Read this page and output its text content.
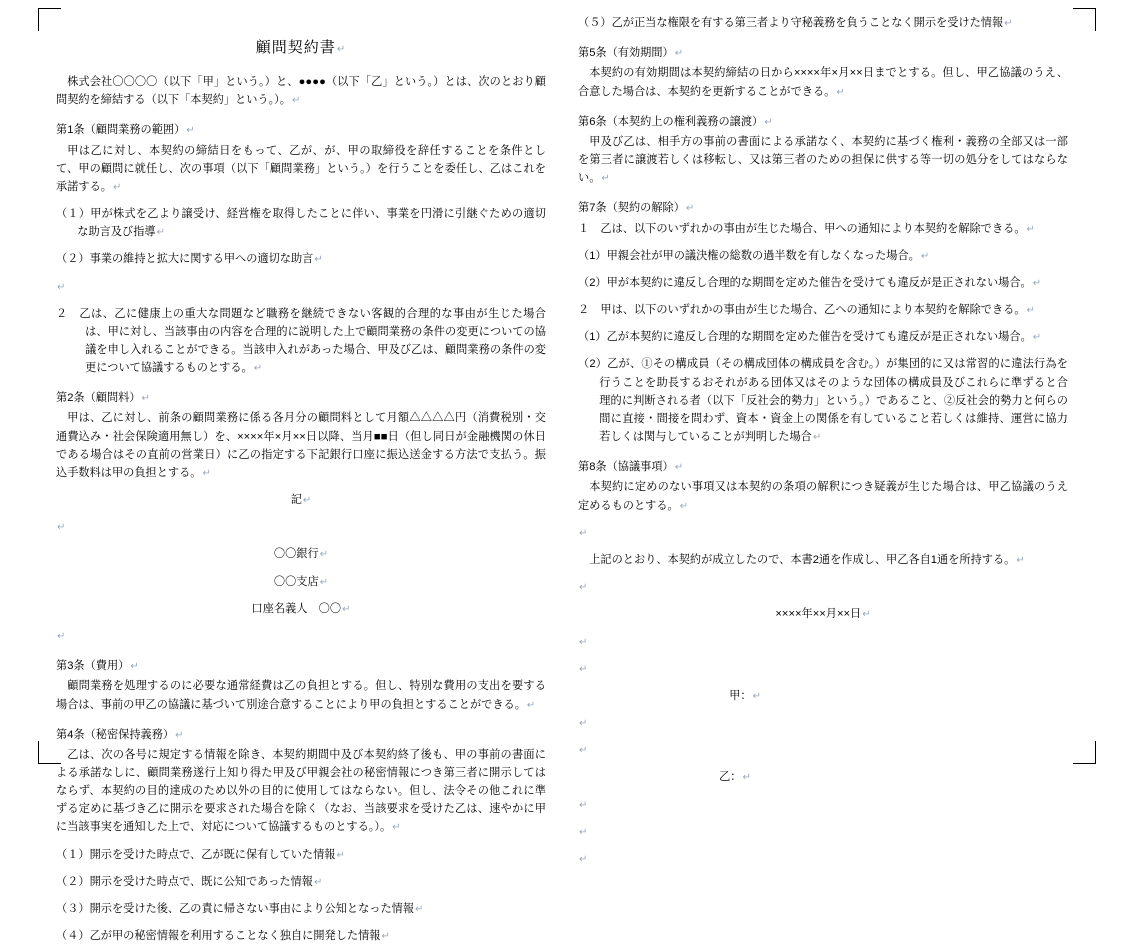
顧問契約書↵

株式会社〇〇〇〇（以下「甲」という。）と、●●●●（以下「乙」という。）とは、次のとおり顧問契約を締結する（以下「本契約」という。）。↵

第1条（顧問業務の範囲）↵

甲は乙に対し、本契約の締結日をもって、乙が、が、甲の取締役を辞任することを条件として、甲の顧問に就任し、次の事項（以下「顧問業務」という。）を行うことを委任し、乙はこれを承諾する。↵

（１）甲が株式を乙より譲受け、経営権を取得したことに伴い、事業を円滑に引継ぐための適切な助言及び指導↵

（２）事業の維持と拡大に関する甲への適切な助言↵

↵

２　乙は、乙に健康上の重大な問題など職務を継続できない客観的合理的な事由が生じた場合は、甲に対し、当該事由の内容を合理的に説明した上で顧問業務の条件の変更についての協議を申し入れることができる。当該申入れがあった場合、甲及び乙は、顧問業務の条件の変更について協議するものとする。↵

第2条（顧問料）↵

甲は、乙に対し、前条の顧問業務に係る各月分の顧問料として月額△△△△円（消費税別・交通費込み・社会保険適用無し）を、××××年×月××日以降、当月■■日（但し同日が金融機関の休日である場合はその直前の営業日）に乙の指定する下記銀行口座に振込送金する方法で支払う。振込手数料は甲の負担とする。↵

記↵

↵

〇〇銀行↵

〇〇支店↵

口座名義人　〇〇↵

↵

第3条（費用）↵

顧問業務を処理するのに必要な通常経費は乙の負担とする。但し、特別な費用の支出を要する場合は、事前の甲乙の協議に基づいて別途合意することにより甲の負担とすることができる。↵

第4条（秘密保持義務）↵

乙は、次の各号に規定する情報を除き、本契約期間中及び本契約終了後も、甲の事前の書面による承諾なしに、顧問業務遂行上知り得た甲及び甲親会社の秘密情報につき第三者に開示してはならず、本契約の目的達成のため以外の目的に使用してはならない。但し、法令その他これに準ずる定めに基づき乙に開示を要求された場合を除く（なお、当該要求を受けた乙は、速やかに甲に当該事実を通知した上で、対応について協議するものとする。）。↵

（１）開示を受けた時点で、乙が既に保有していた情報↵

（２）開示を受けた時点で、既に公知であった情報↵

（３）開示を受けた後、乙の責に帰さない事由により公知となった情報↵

（４）乙が甲の秘密情報を利用することなく独自に開発した情報↵

（５）乙が正当な権限を有する第三者より守秘義務を負うことなく開示を受けた情報↵

第5条（有効期間）↵

本契約の有効期間は本契約締結の日から××××年×月××日までとする。但し、甲乙協議のうえ、合意した場合は、本契約を更新することができる。↵

第6条（本契約上の権利義務の譲渡）↵

甲及び乙は、相手方の事前の書面による承諾なく、本契約に基づく権利・義務の全部又は一部を第三者に譲渡若しくは移転し、又は第三者のための担保に供する等一切の処分をしてはならない。↵

第7条（契約の解除）↵

１　乙は、以下のいずれかの事由が生じた場合、甲への通知により本契約を解除できる。↵

（1）甲親会社が甲の議決権の総数の過半数を有しなくなった場合。↵

（2）甲が本契約に違反し合理的な期間を定めた催告を受けても違反が是正されない場合。↵

２　甲は、以下のいずれかの事由が生じた場合、乙への通知により本契約を解除できる。↵

（1）乙が本契約に違反し合理的な期間を定めた催告を受けても違反が是正されない場合。↵

（2）乙が、①その構成員（その構成団体の構成員を含む。）が集団的に又は常習的に違法行為を行うことを助長するおそれがある団体又はそのような団体の構成員及びこれらに準ずると合理的に判断される者（以下「反社会的勢力」という。）であること、②反社会的勢力と何らの間に直接・間接を問わず、資本・資金上の関係を有していること若しくは維持、運営に協力若しくは関与していることが判明した場合↵

第8条（協議事項）↵

本契約に定めのない事項又は本契約の条項の解釈につき疑義が生じた場合は、甲乙協議のうえ定めるものとする。↵

↵

上記のとおり、本契約が成立したので、本書2通を作成し、甲乙各自1通を所持する。↵

↵

××××年××月××日↵

↵

↵

甲：↵

↵

↵

乙：↵

↵

↵

↵
